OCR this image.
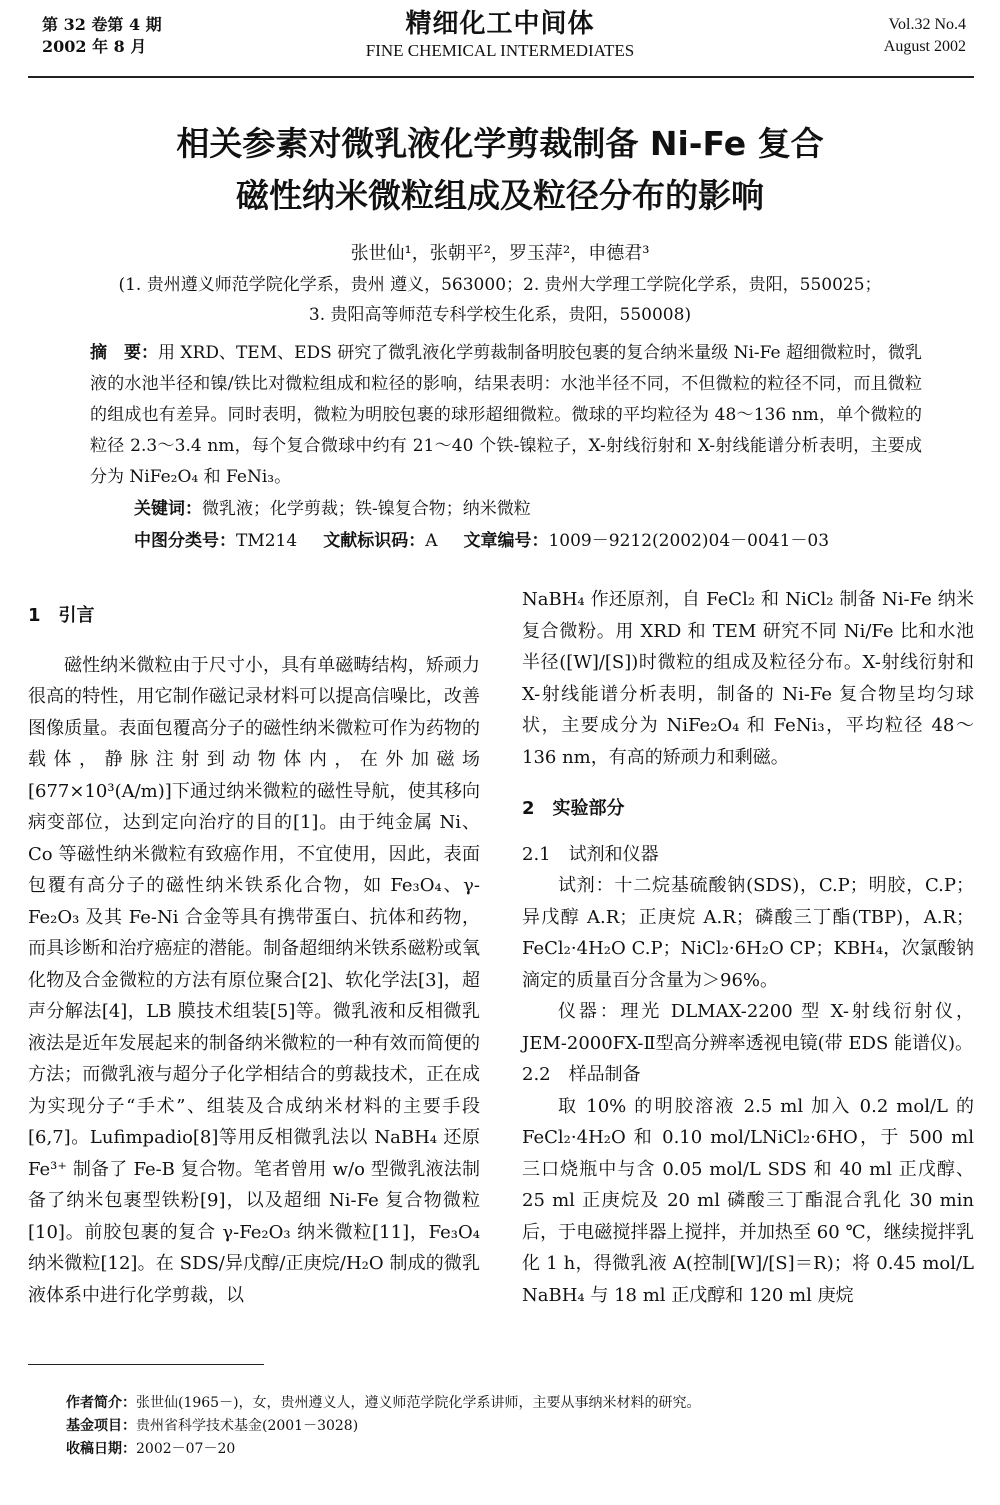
第 32 卷第 4 期
2002 年 8 月
精细化工中间体
FINE CHEMICAL INTERMEDIATES
Vol.32 No.4
August 2002
相关参素对微乳液化学剪裁制备 Ni-Fe 复合
磁性纳米微粒组成及粒径分布的影响
张世仙¹，张朝平²，罗玉萍²，申德君³
(1. 贵州遵义师范学院化学系，贵州 遵义，563000；2. 贵州大学理工学院化学系，贵阳，550025；
3. 贵阳高等师范专科学校生化系，贵阳，550008)
摘　要：用 XRD、TEM、EDS 研究了微乳液化学剪裁制备明胶包裹的复合纳米量级 Ni-Fe 超细微粒时，微乳液的水池半径和镍/铁比对微粒组成和粒径的影响，结果表明：水池半径不同，不但微粒的粒径不同，而且微粒的组成也有差异。同时表明，微粒为明胶包裹的球形超细微粒。微球的平均粒径为 48～136 nm，单个微粒的粒径 2.3～3.4 nm，每个复合微球中约有 21～40 个铁-镍粒子，X-射线衍射和 X-射线能谱分析表明，主要成分为 NiFe₂O₄ 和 FeNi₃。
关键词：微乳液；化学剪裁；铁-镍复合物；纳米微粒
中图分类号：TM214 文献标识码：A 文章编号：1009－9212(2002)04－0041－03

1　引言

磁性纳米微粒由于尺寸小，具有单磁畴结构，矫顽力很高的特性，用它制作磁记录材料可以提高信噪比，改善图像质量。表面包覆高分子的磁性纳米微粒可作为药物的载体，静脉注射到动物体内，在外加磁场[677×10³(A/m)]下通过纳米微粒的磁性导航，使其移向病变部位，达到定向治疗的目的[1]。由于纯金属 Ni、Co 等磁性纳米微粒有致癌作用，不宜使用，因此，表面包覆有高分子的磁性纳米铁系化合物，如 Fe₃O₄、γ-Fe₂O₃ 及其 Fe-Ni 合金等具有携带蛋白、抗体和药物，而具诊断和治疗癌症的潜能。制备超细纳米铁系磁粉或氧化物及合金微粒的方法有原位聚合[2]、软化学法[3]，超声分解法[4]，LB 膜技术组装[5]等。微乳液和反相微乳液法是近年发展起来的制备纳米微粒的一种有效而简便的方法；而微乳液与超分子化学相结合的剪裁技术，正在成为实现分子“手术”、组装及合成纳米材料的主要手段[6,7]。Lufimpadio[8]等用反相微乳法以 NaBH₄ 还原 Fe³⁺ 制备了 Fe-B 复合物。笔者曾用 w/o 型微乳液法制备了纳米包裹型铁粉[9]，以及超细 Ni-Fe 复合物微粒[10]。前胶包裹的复合 γ-Fe₂O₃ 纳米微粒[11]，Fe₃O₄ 纳米微粒[12]。在 SDS/异戊醇/正庚烷/H₂O 制成的微乳液体系中进行化学剪裁，以

NaBH₄ 作还原剂，自 FeCl₂ 和 NiCl₂ 制备 Ni-Fe 纳米复合微粉。用 XRD 和 TEM 研究不同 Ni/Fe 比和水池半径([W]/[S])时微粒的组成及粒径分布。X-射线衍射和 X-射线能谱分析表明，制备的 Ni-Fe 复合物呈均匀球状，主要成分为 NiFe₂O₄ 和 FeNi₃，平均粒径 48～136 nm，有高的矫顽力和剩磁。

2　实验部分

2.1　试剂和仪器

试剂：十二烷基硫酸钠(SDS)，C.P；明胶，C.P；异戊醇 A.R；正庚烷 A.R；磷酸三丁酯(TBP)，A.R；FeCl₂·4H₂O C.P；NiCl₂·6H₂O CP；KBH₄，次氯酸钠滴定的质量百分含量为＞96%。

仪器：理光 DLMAX-2200 型 X-射线衍射仪，JEM-2000FX-Ⅱ型高分辨率透视电镜(带 EDS 能谱仪)。

2.2　样品制备

取 10% 的明胶溶液 2.5 ml 加入 0.2 mol/L 的 FeCl₂·4H₂O 和 0.10 mol/LNiCl₂·6HO，于 500 ml 三口烧瓶中与含 0.05 mol/L SDS 和 40 ml 正戊醇、25 ml 正庚烷及 20 ml 磷酸三丁酯混合乳化 30 min 后，于电磁搅拌器上搅拌，并加热至 60 ℃，继续搅拌乳化 1 h，得微乳液 A(控制[W]/[S]＝R)；将 0.45 mol/L NaBH₄ 与 18 ml 正戊醇和 120 ml 庚烷

作者简介：张世仙(1965－)，女，贵州遵义人，遵义师范学院化学系讲师，主要从事纳米材料的研究。
基金项目：贵州省科学技术基金(2001－3028)
收稿日期：2002－07－20
